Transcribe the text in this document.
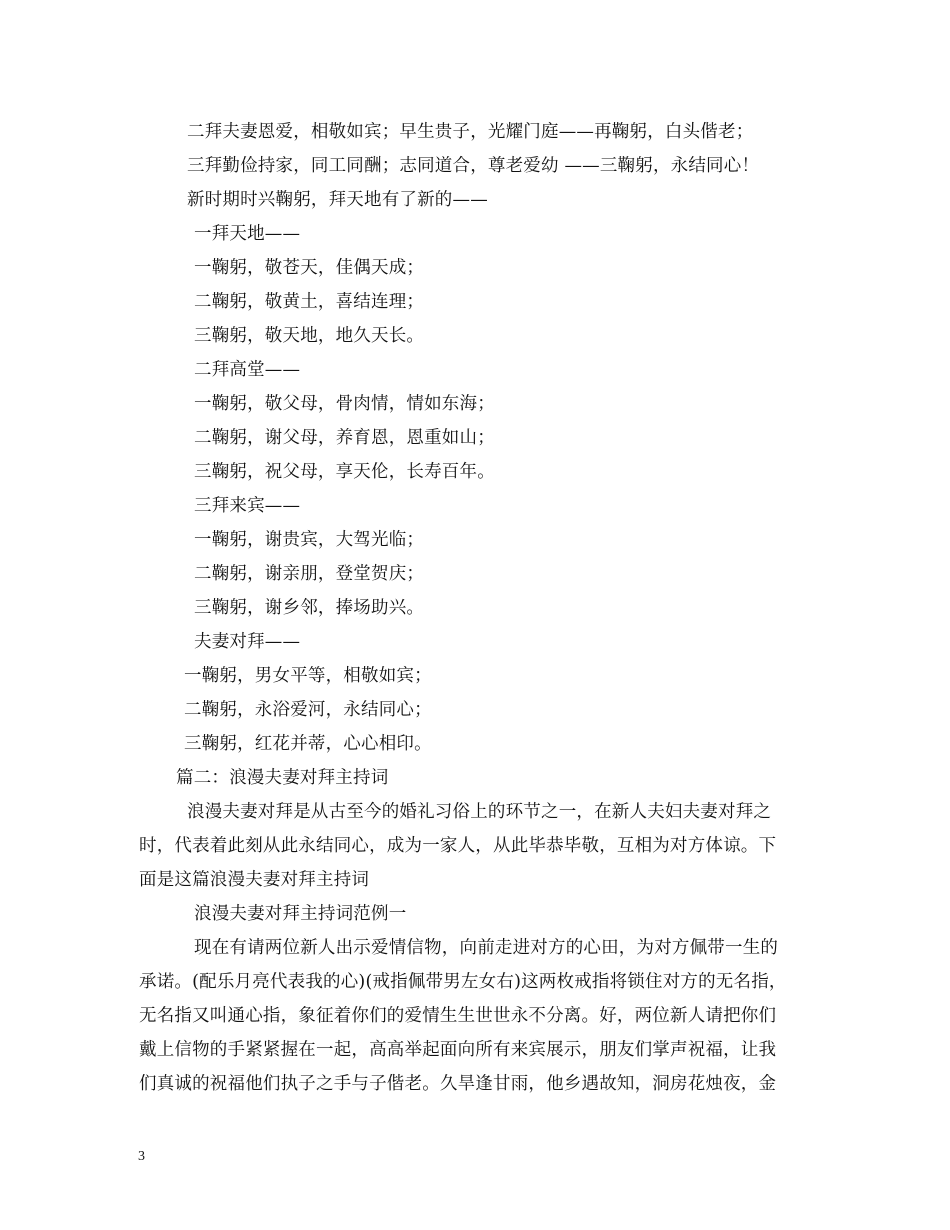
二拜夫妻恩爱，相敬如宾；早生贵子，光耀门庭——再鞠躬，白头偕老；
三拜勤俭持家，同工同酬；志同道合，尊老爱幼 ——三鞠躬，永结同心！
新时期时兴鞠躬，拜天地有了新的——
一拜天地——
一鞠躬，敬苍天，佳偶天成；
二鞠躬，敬黄土，喜结连理；
三鞠躬，敬天地，地久天长。
二拜高堂——
一鞠躬，敬父母，骨肉情，情如东海；
二鞠躬，谢父母，养育恩，恩重如山；
三鞠躬，祝父母，享天伦，长寿百年。
三拜来宾——
一鞠躬，谢贵宾，大驾光临；
二鞠躬，谢亲朋，登堂贺庆；
三鞠躬，谢乡邻，捧场助兴。
夫妻对拜——
一鞠躬，男女平等，相敬如宾；
二鞠躬，永浴爱河，永结同心；
三鞠躬，红花并蒂，心心相印。
篇二：浪漫夫妻对拜主持词
浪漫夫妻对拜是从古至今的婚礼习俗上的环节之一，在新人夫妇夫妻对拜之
时，代表着此刻从此永结同心，成为一家人，从此毕恭毕敬，互相为对方体谅。下
面是这篇浪漫夫妻对拜主持词
浪漫夫妻对拜主持词范例一
现在有请两位新人出示爱情信物，向前走进对方的心田，为对方佩带一生的
承诺。(配乐月亮代表我的心)(戒指佩带男左女右)这两枚戒指将锁住对方的无名指，
无名指又叫通心指，象征着你们的爱情生生世世永不分离。好，两位新人请把你们
戴上信物的手紧紧握在一起，高高举起面向所有来宾展示，朋友们掌声祝福，让我
们真诚的祝福他们执子之手与子偕老。久旱逢甘雨，他乡遇故知，洞房花烛夜，金
3
